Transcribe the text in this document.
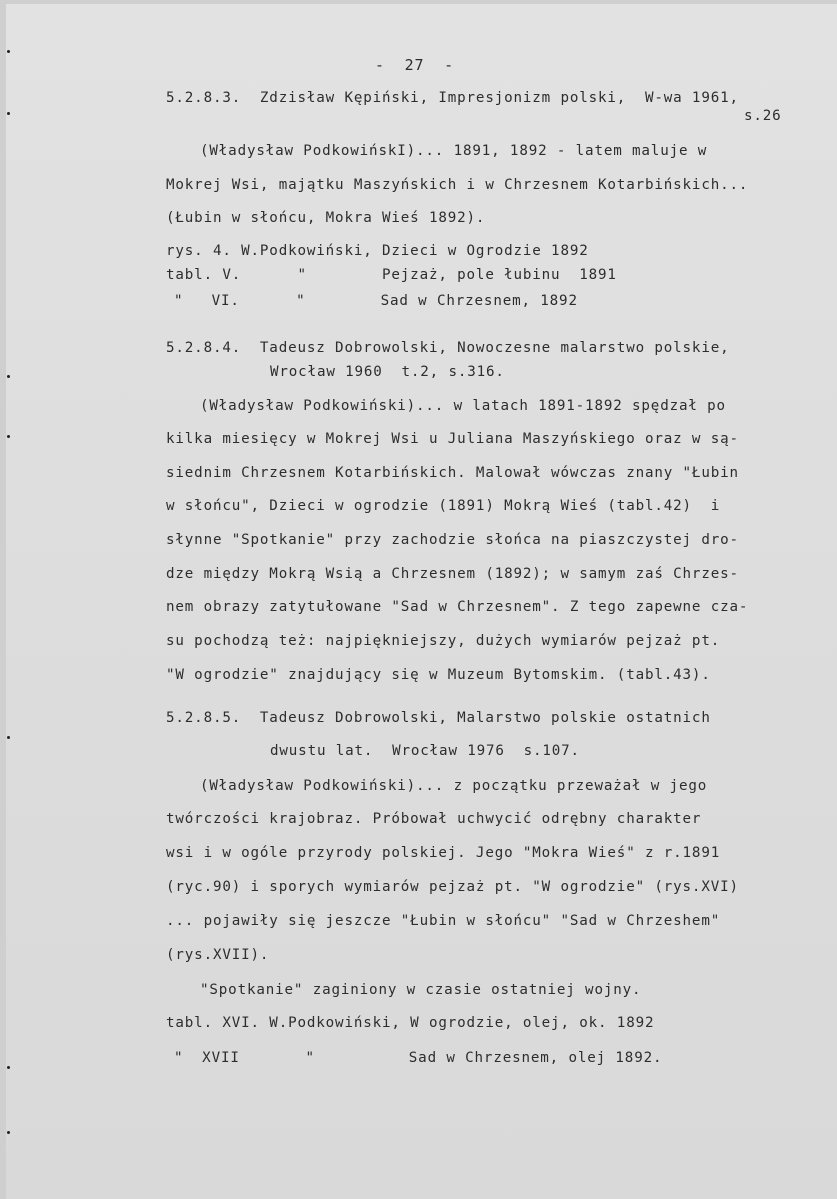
-  27  -
5.2.8.3.  Zdzisław Kępiński, Impresjonizm polski,  W-wa 1961,
s.26
(Władysław PodkowińskI)... 1891, 1892 - latem maluje w
Mokrej Wsi, majątku Maszyńskich i w Chrzesnem Kotarbińskich...
(Łubin w słońcu, Mokra Wieś 1892).
rys. 4. W.Podkowiński, Dzieci w Ogrodzie 1892
tabl. V.      "        Pejzaż, pole łubinu  1891
"   VI.      "        Sad w Chrzesnem, 1892
5.2.8.4.  Tadeusz Dobrowolski, Nowoczesne malarstwo polskie,
Wrocław 1960  t.2, s.316.
(Władysław Podkowiński)... w latach 1891-1892 spędzał po
kilka miesięcy w Mokrej Wsi u Juliana Maszyńskiego oraz w są-
siednim Chrzesnem Kotarbińskich. Malował wówczas znany "Łubin
w słońcu", Dzieci w ogrodzie (1891) Mokrą Wieś (tabl.42)  i
słynne "Spotkanie" przy zachodzie słońca na piaszczystej dro-
dze między Mokrą Wsią a Chrzesnem (1892); w samym zaś Chrzes-
nem obrazy zatytułowane "Sad w Chrzesnem". Z tego zapewne cza-
su pochodzą też: najpiękniejszy, dużych wymiarów pejzaż pt.
"W ogrodzie" znajdujący się w Muzeum Bytomskim. (tabl.43).
5.2.8.5.  Tadeusz Dobrowolski, Malarstwo polskie ostatnich
dwustu lat.  Wrocław 1976  s.107.
(Władysław Podkowiński)... z początku przeważał w jego
twórczości krajobraz. Próbował uchwycić odrębny charakter
wsi i w ogóle przyrody polskiej. Jego "Mokra Wieś" z r.1891
(ryc.90) i sporych wymiarów pejzaż pt. "W ogrodzie" (rys.XVI)
... pojawiły się jeszcze "Łubin w słońcu" "Sad w Chrzeshem"
(rys.XVII).
"Spotkanie" zaginiony w czasie ostatniej wojny.
tabl. XVI. W.Podkowiński, W ogrodzie, olej, ok. 1892
"  XVII       "          Sad w Chrzesnem, olej 1892.
